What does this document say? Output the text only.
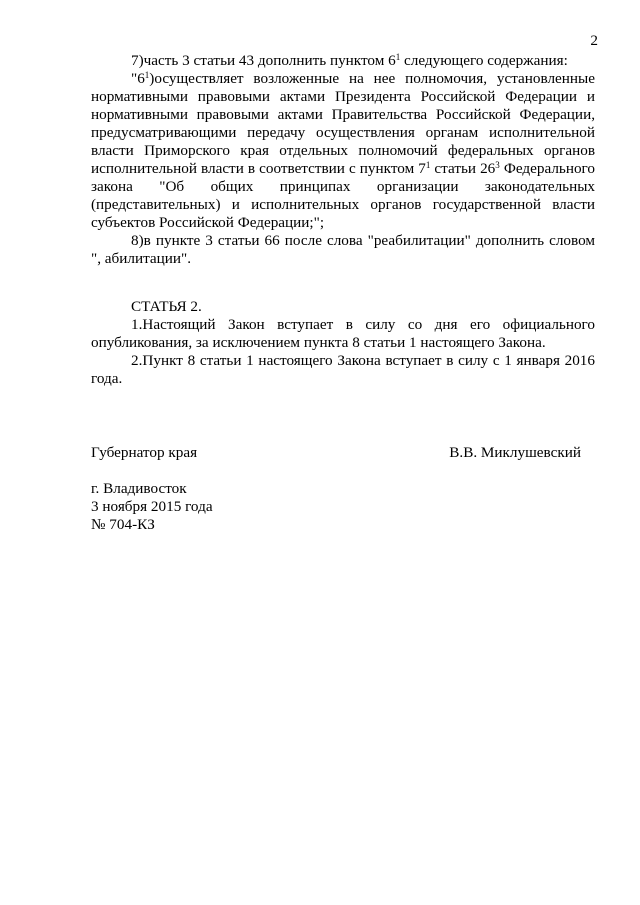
2

7)часть 3 статьи 43 дополнить пунктом $6^1$ следующего содержания:

"$6^1)осуществляет$ возложенные на нее полномочия, установленные нормативными правовыми актами Президента Российской Федерации и нормативными правовыми актами Правительства Российской Федерации, предусматривающими передачу осуществления органам исполнительной власти Приморского края отдельных полномочий федеральных органов исполнительной власти в соответствии с пунктом $7^1$ статьи $26^3$ Федерального закона "Об общих принципах организации законодательных (представительных) и исполнительных органов государственной власти субъектов Российской Федерации;";

8)в пункте 3 статьи 66 после слова "реабилитации" дополнить словом ", абилитации".

СТАТЬЯ 2.

1.Настоящий Закон вступает в силу со дня его официального опубликования, за исключением пункта 8 статьи 1 настоящего Закона.

2.Пункт 8 статьи 1 настоящего Закона вступает в силу с 1 января 2016 года.

Губернатор края	В.В. Миклушевский

г. Владивосток

3 ноября 2015 года

№ 704-КЗ
